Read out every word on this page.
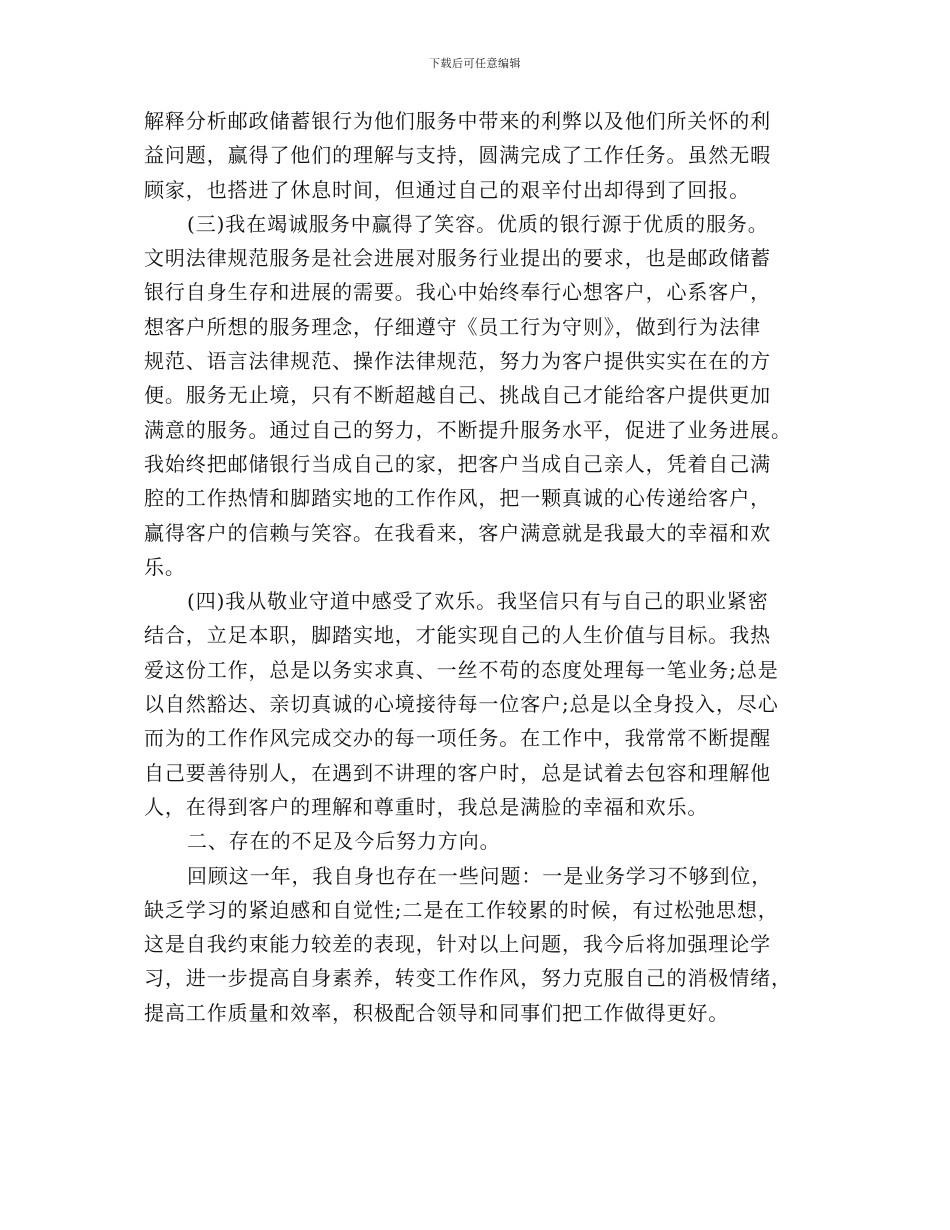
下载后可任意编辑
解释分析邮政储蓄银行为他们服务中带来的利弊以及他们所关怀的利
益问题，赢得了他们的理解与支持，圆满完成了工作任务。虽然无暇
顾家，也搭进了休息时间，但通过自己的艰辛付出却得到了回报。
(三)我在竭诚服务中赢得了笑容。优质的银行源于优质的服务。
文明法律规范服务是社会进展对服务行业提出的要求，也是邮政储蓄
银行自身生存和进展的需要。我心中始终奉行心想客户，心系客户，
想客户所想的服务理念，仔细遵守《员工行为守则》，做到行为法律
规范、语言法律规范、操作法律规范，努力为客户提供实实在在的方
便。服务无止境，只有不断超越自己、挑战自己才能给客户提供更加
满意的服务。通过自己的努力，不断提升服务水平，促进了业务进展。
我始终把邮储银行当成自己的家，把客户当成自己亲人，凭着自己满
腔的工作热情和脚踏实地的工作作风，把一颗真诚的心传递给客户，
赢得客户的信赖与笑容。在我看来，客户满意就是我最大的幸福和欢
乐。
(四)我从敬业守道中感受了欢乐。我坚信只有与自己的职业紧密
结合，立足本职，脚踏实地，才能实现自己的人生价值与目标。我热
爱这份工作，总是以务实求真、一丝不苟的态度处理每一笔业务;总是
以自然豁达、亲切真诚的心境接待每一位客户;总是以全身投入，尽心
而为的工作作风完成交办的每一项任务。在工作中，我常常不断提醒
自己要善待别人，在遇到不讲理的客户时，总是试着去包容和理解他
人，在得到客户的理解和尊重时，我总是满脸的幸福和欢乐。
二、存在的不足及今后努力方向。
回顾这一年，我自身也存在一些问题：一是业务学习不够到位，
缺乏学习的紧迫感和自觉性;二是在工作较累的时候，有过松弛思想，
这是自我约束能力较差的表现，针对以上问题，我今后将加强理论学
习，进一步提高自身素养，转变工作作风，努力克服自己的消极情绪，
提高工作质量和效率，积极配合领导和同事们把工作做得更好。
